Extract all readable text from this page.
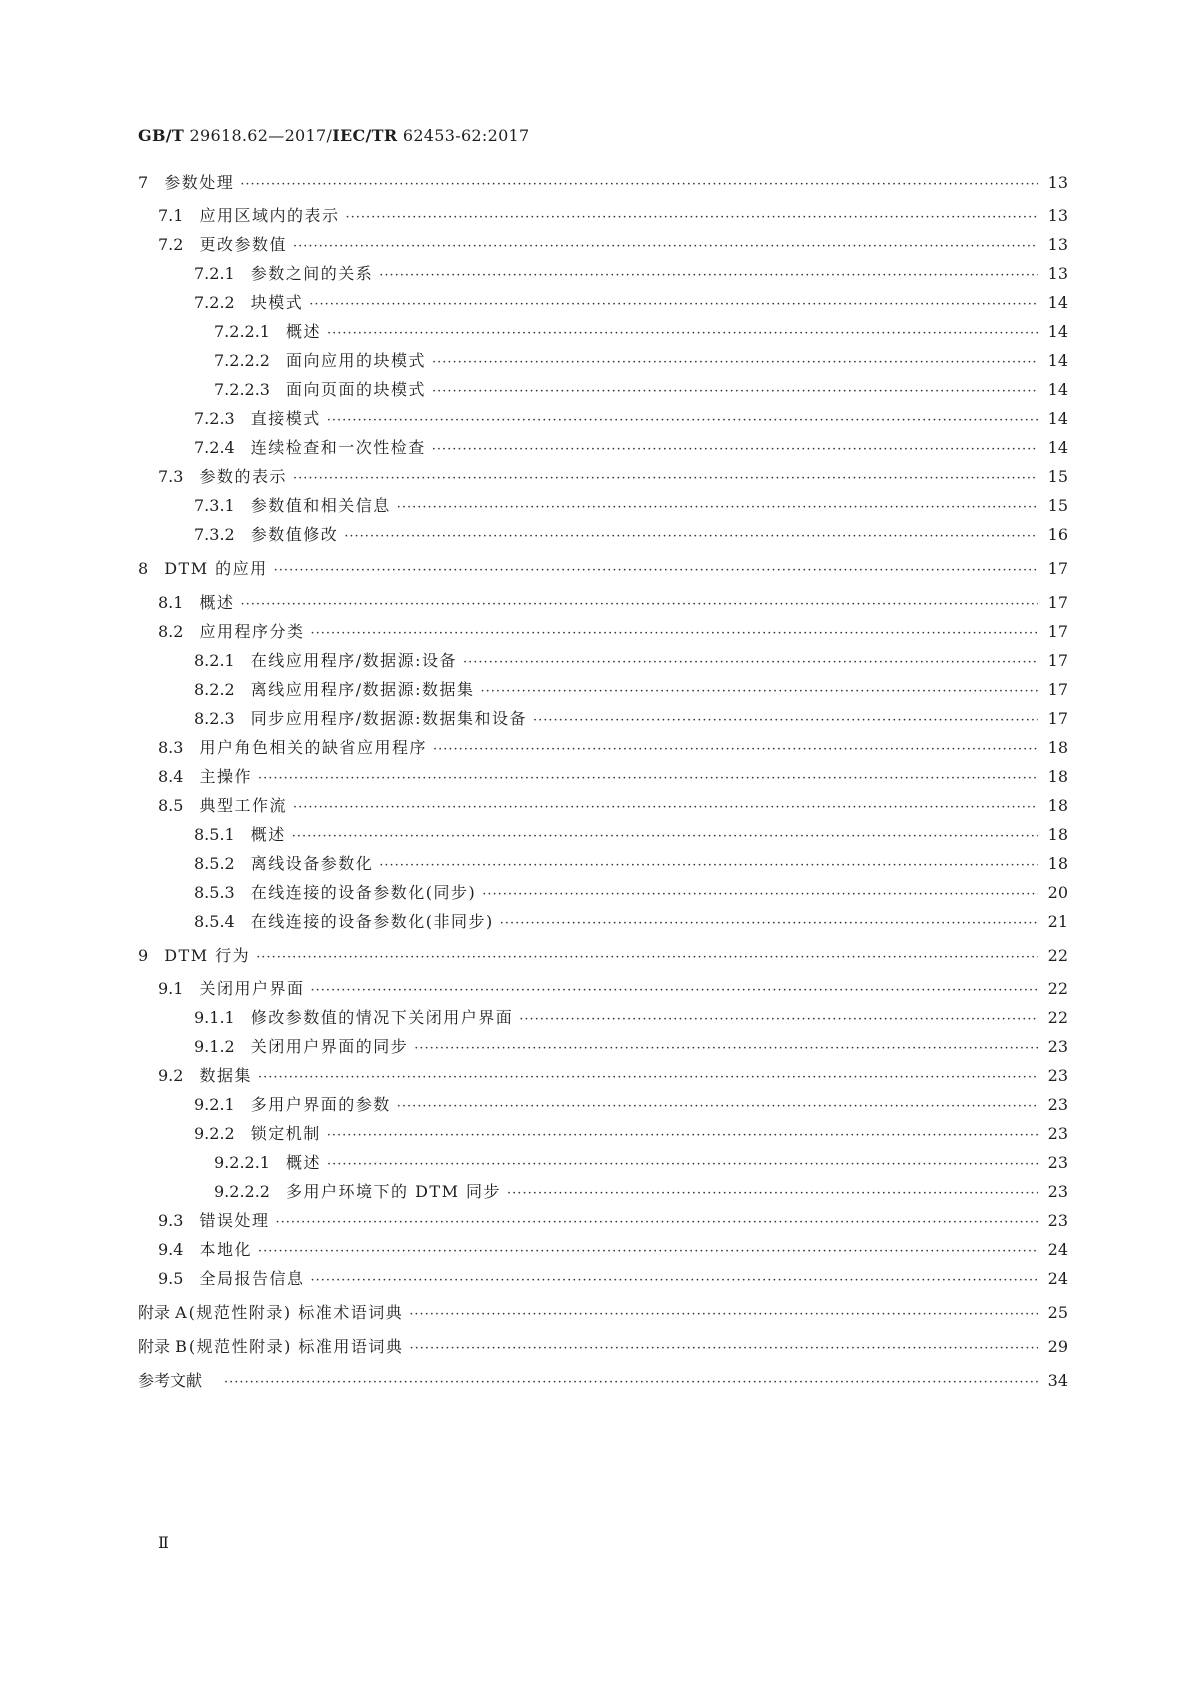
GB/T 29618.62—2017/IEC/TR 62453-62:2017
7 参数处理 ·····	13
7.1 应用区域内的表示 ·····	13
7.2 更改参数值 ·····	13
7.2.1 参数之间的关系 ·····	13
7.2.2 块模式 ·····	14
7.2.2.1 概述 ·····	14
7.2.2.2 面向应用的块模式 ·····	14
7.2.2.3 面向页面的块模式 ·····	14
7.2.3 直接模式 ·····	14
7.2.4 连续检查和一次性检查 ·····	14
7.3 参数的表示 ·····	15
7.3.1 参数值和相关信息 ·····	15
7.3.2 参数值修改 ·····	16
8 DTM 的应用 ·····	17
8.1 概述 ·····	17
8.2 应用程序分类 ·····	17
8.2.1 在线应用程序/数据源:设备 ·····	17
8.2.2 离线应用程序/数据源:数据集 ·····	17
8.2.3 同步应用程序/数据源:数据集和设备 ·····	17
8.3 用户角色相关的缺省应用程序 ·····	18
8.4 主操作 ·····	18
8.5 典型工作流 ·····	18
8.5.1 概述 ·····	18
8.5.2 离线设备参数化 ·····	18
8.5.3 在线连接的设备参数化(同步) ·····	20
8.5.4 在线连接的设备参数化(非同步) ·····	21
9 DTM 行为 ·····	22
9.1 关闭用户界面 ·····	22
9.1.1 修改参数值的情况下关闭用户界面 ·····	22
9.1.2 关闭用户界面的同步 ·····	23
9.2 数据集 ·····	23
9.2.1 多用户界面的参数 ·····	23
9.2.2 锁定机制 ·····	23
9.2.2.1 概述 ·····	23
9.2.2.2 多用户环境下的 DTM 同步 ·····	23
9.3 错误处理 ·····	23
9.4 本地化 ·····	24
9.5 全局报告信息 ·····	24
附录 A (规范性附录) 标准术语词典 ·····	25
附录 B (规范性附录) 标准用语词典 ·····	29
参考文献 ·····	34
Ⅱ
